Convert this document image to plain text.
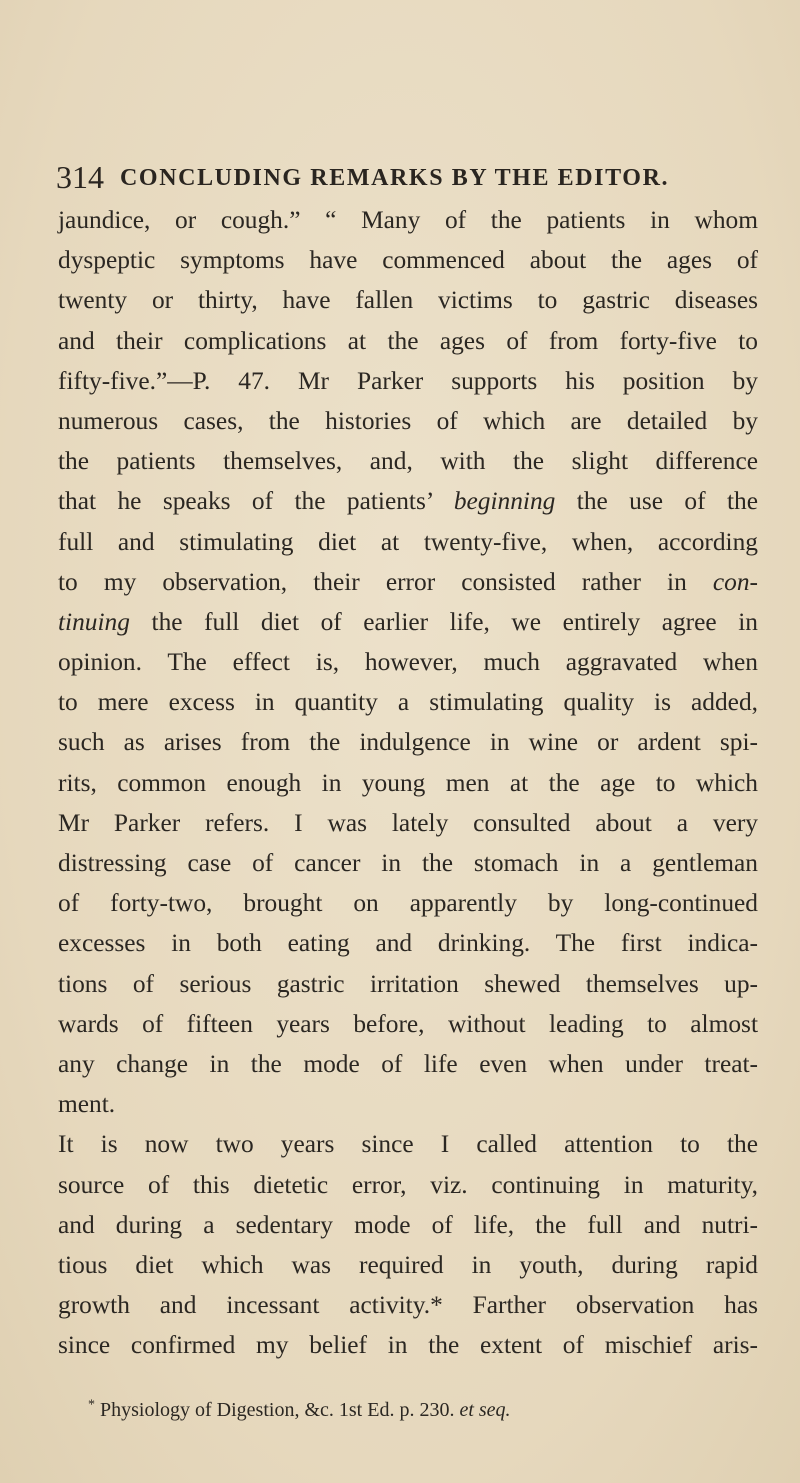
314 CONCLUDING REMARKS BY THE EDITOR.
jaundice, or cough.” “ Many of the patients in whom
dyspeptic symptoms have commenced about the ages of
twenty or thirty, have fallen victims to gastric diseases
and their complications at the ages of from forty-five to
fifty-five.”—P. 47. Mr Parker supports his position by
numerous cases, the histories of which are detailed by
the patients themselves, and, with the slight difference
that he speaks of the patients’ beginning the use of the
full and stimulating diet at twenty-five, when, according
to my observation, their error consisted rather in con-
tinuing the full diet of earlier life, we entirely agree in
opinion. The effect is, however, much aggravated when
to mere excess in quantity a stimulating quality is added,
such as arises from the indulgence in wine or ardent spi-
rits, common enough in young men at the age to which
Mr Parker refers. I was lately consulted about a very
distressing case of cancer in the stomach in a gentleman
of forty-two, brought on apparently by long-continued
excesses in both eating and drinking. The first indica-
tions of serious gastric irritation shewed themselves up-
wards of fifteen years before, without leading to almost
any change in the mode of life even when under treat-
ment.
It is now two years since I called attention to the
source of this dietetic error, viz. continuing in maturity,
and during a sedentary mode of life, the full and nutri-
tious diet which was required in youth, during rapid
growth and incessant activity.* Farther observation has
since confirmed my belief in the extent of mischief aris-
* Physiology of Digestion, &c. 1st Ed. p. 230. et seq.
